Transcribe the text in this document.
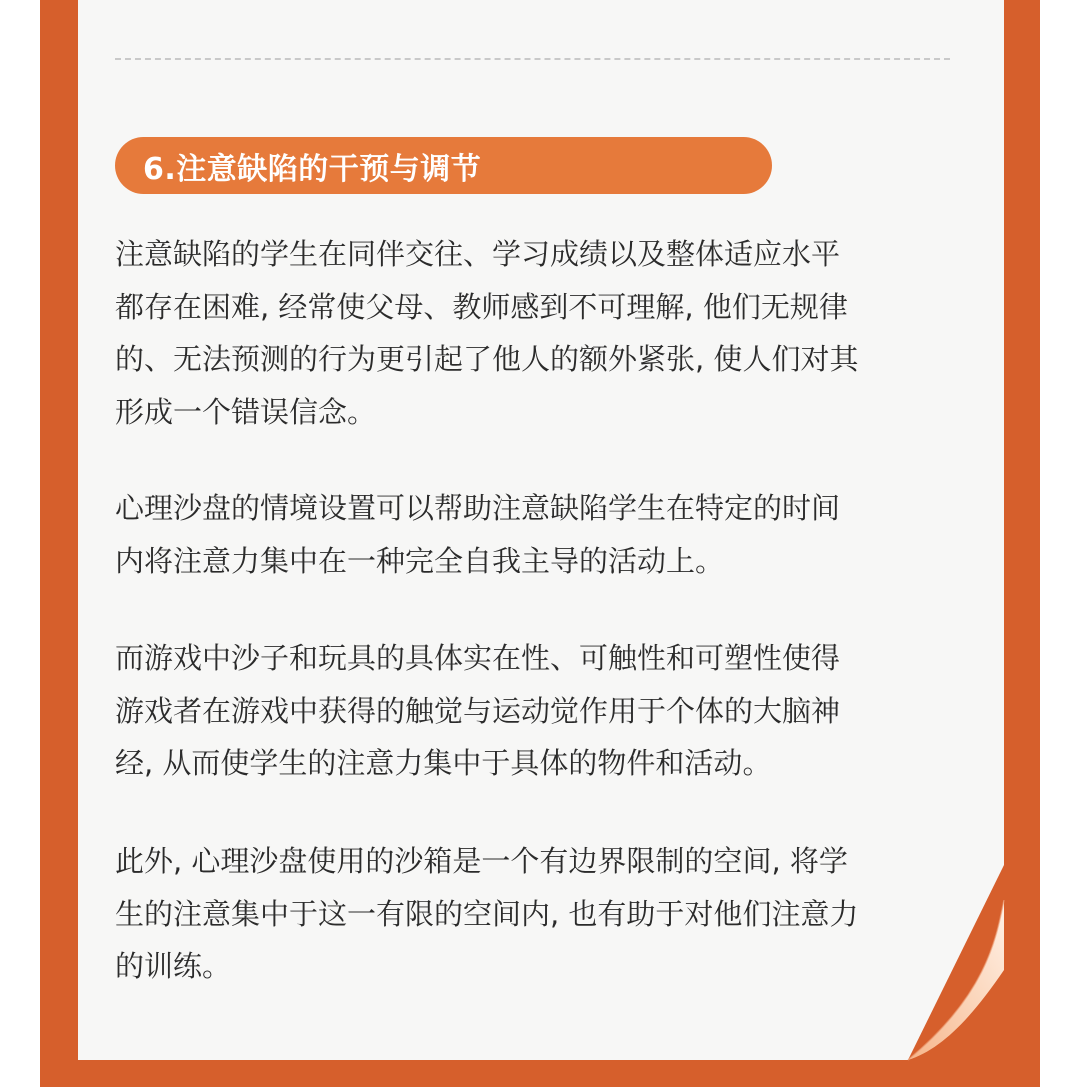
6.注意缺陷的干预与调节

注意缺陷的学生在同伴交往、学习成绩以及整体适应水平
都存在困难, 经常使父母、教师感到不可理解, 他们无规律
的、无法预测的行为更引起了他人的额外紧张, 使人们对其
形成一个错误信念。

心理沙盘的情境设置可以帮助注意缺陷学生在特定的时间
内将注意力集中在一种完全自我主导的活动上。

而游戏中沙子和玩具的具体实在性、可触性和可塑性使得
游戏者在游戏中获得的触觉与运动觉作用于个体的大脑神
经, 从而使学生的注意力集中于具体的物件和活动。

此外, 心理沙盘使用的沙箱是一个有边界限制的空间, 将学
生的注意集中于这一有限的空间内, 也有助于对他们注意力
的训练。
